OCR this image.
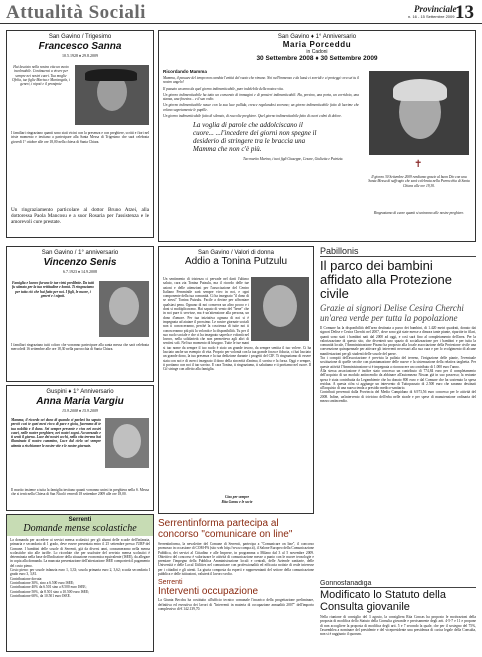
Attualità Sociali	Provinciale
n. 16 - 15 Settembre 2009 13
San Gavino / Trigesimo
Francesco Sanna
10.5.1928 ♦ 29.8.2009
Hai lasciato nella nostra vita un vuoto incolmabile. Continuerai a vivere per sempre nei nostri cuori. Tua moglie Ofelia, tue figlie Marisa e Mariangela, i generi, i nipoti e il pronipote
I familiari ringraziano quanti sono stati vicini con la presenza e con preghiere, scritti e fiori nel triste momento e invitano a partecipare alla Santa Messa di Trigesimo che sarà celebrata giovedì 1° ottobre alle ore 18,00 nella chiesa di Santa Chiara.
Un ringraziamento particolare al dottor Bruno Atzei, alla dottoressa Paola Mancosu e a suor Rosaria per l'assistenza e le amorevoli cure prestate.
San Gavino ♦ 1° Anniversario
Maria Porceddu
in Cadoni
30 Settembre 2008 ♦ 30 Settembre 2009
Ricordando Mamma
Mamma, il passare del tempo non cambia l'entità del vuoto che rimane. Noi nell'immenso e da lassù ci sorridi e ci proteggi: ora sei tu il nostro angelo!
Il passato un anno da quel giorno indimenticabile, pure indelebile della nostra vita.
Un giorno indimenticabile ha tutto un consorzio di immagini e di pensieri indimenticabili. Ha, persino, una porta, un corridoio, una stanza, una finestra... e il suo volto.
Un giorno indimenticabile nasce con la sua luce pallida, cresce regalandosi sovrano; un giorno indimenticabile fatto di lacrime che velano segretamente le pupille.
Un giorno indimenticabile fatto di silenzio, di raccolte preghiere. Quel giorno indimenticabile fatto di cuori colmi di dolore.
La voglia di parole che addolciscano il cuore... ...l'incedere dei giorni non spegne il desiderio di stringere tra le braccia una Mamma che non c'è più.
Tuo marito Marino, i tuoi figli Giuseppe, Cesare, Giulietta e Patrizia.	✝
Il giorno 30 Settembre 2009 rendiamo grazie al buon Dio con una Santa Messa di suffragio che sarà celebrata nella Parrocchia di Santa Chiara alle ore 19,30.
Ringraziamo di cuore quanti si uniranno alle nostre preghiere.
San Gavino / 1° anniversario
Vincenzo Senis
6.7.1923 ♦ 14.9.2008
Famiglia e lavoro furono le tue virtù predilette. Da tutti fu stimato per la tua rettitudine e bontà. Ti ringraziamo per tutto ciò che hai fatto per noi. I figli, le nuore, i generi e i nipoti.
I familiari ringraziano tutti coloro che vorranno partecipare alla santa messa che sarà celebrata mercoledì 16 settembre alle ore 18,30 nella parrocchia di Santa Chiara.
Guspini ♦ 1° Anniversario
Anna Maria Vargiu
15.9.2008 ♦ 15.9.2009
Mamma, il ricordo sei dono di quando ci parlavi ha saputo perciò così te quei mesi ricco di pace e gioia, facemmo di te tua nobiltà e il dono. Sei sempre presente e viva nei nostri cuori, nelle nostre preghiere, nei nostri sogni. Accarezzalo e ti senti il giorno. Luce dei nostri occhi, nella vita terrena hai illuminato il nostro cammino, Luce dal cielo sei sempre attenta a rischiarare le nostre vite e le nostre giornate.
Il marito insieme a tutta la famiglia invitano quanti vorranno unirsi in preghiera nella S. Messa che si terrà nella Chiesa di San Nicolò venerdì 18 settembre 2009 alle ore 18,00.
Serrenti
Domande mense scolastiche
La domanda per accedere ai servizi mensa scolastici per gli alunni delle scuole dell'infanzia, primaria e secondaria di 1 grado, deve essere presentata entro il 25 settembre presso l'URP del Comune. I bambini delle scuole di Serrenti, già da diversi anni, consumeranno nella mensa scolastiche sito alle tariffe. Lo ricordate che per usufruire del servizio mensa scolastici è determinata nella base dell'indicatore della situazione economica equivalente (ISEE), da allegare in copia alla domanda. La mancata presentazione dell'attestazione ISEE comporterà il pagamento del costo pieno.
Costo pieno: per scuole infanzia euro 1, 3,33; scuola primaria euro 2, 3,62; scuola secondaria I grado euro 3, 3,81.
Contribuzione dovuta:
Contribuzione 30%, sino a 6.500 euro ISEE;
Contribuzione 40% da 6.501 sino a 8.500 euro ISEE;
Contribuzione 50%, da 8.501 sino a 10.500 euro ISEE;
Contribuzione 60%, da 10.501 euro ISEE.
San Gavino / Valori di donna
Addio a Tonina Putzulu
Un sentimento di tristezza ci pervade nel darti l'ultimo saluto, cara zia Tonina Putzulu, ma il ricordo delle tue azioni e delle attenzioni per l'associazione del Centro Italiano Femminile sarà sempre vivo in noi, e ogni componente della tua comunità. Ci ha insegnato "il dono di se stessi" Tonina Putzulu. Facile a decine per affrontare qualsiasi pena. Ognuno di noi conserva un altro pocoo e i doni si moltiplicavano. Hai saputo di vento del "bene" che in noi pure ti servisse, ma è un'attenzione alla persona, un dono d'amore. Per tua iniziativa ognuna di noi si è impegnata ad aiutare il prossimo. Le nostre giornate sociali non ti conosceranno, perché la coscienza di tutte noi ti conosceranno più più la volontà e la disponibilità. Tu per il suo ruolo sociale e che ci ha insegnato saperla e volontà nel lavoro, nella solidarietà che non permetteva agli altri di sentirsi soli. Nel tuo momento di bisogno. Tutte le tue mani si tuo nome da sempre il tuo ruolo è stato un grande tesoro, da sempre sentita il tuo volere. Ci ha lasciato anche un esempio di vita. Proprio per volontà con la tua grande forza e fiducia, ci hai lasciato un grande dono, la tua presenza e la tua dedizione durante i progetti del CIF. Ti ringraziamo di essere stata con noi e di averci insegnato il dono della sincerità d'animo, il sorriso e la forza. Oggi e sempre, ti portiamo con noi il tuo sorriso. E cara Tonina, ti ringraziamo, ti salutiamo e ti portiamo nel cuore. Il Cif stringe con affetto alla famiglia.
Ciao per sempre
Rita Garau e le socie
Pabillonis
Il parco dei bambini affidato alla Protezione civile
Grazie ai signori Delise Cesira Cherchi un'area verde per tutta la popolazione
Il Comune ha la disponibilità dell'area destinata a parco dei bambini, di 1.420 metri quadrati, donato dai signori Delise e Cesira Cherchi nel 2007, dove sono già state messe a dimora tante piante, ripartite in filari, quanti sono stati i bambini nati dal 2000 ad oggi, e così sarà fino al completamento dell'area. Per la valorizzazione di questo sito, che diventerà uno spazio di socializzazione per i bambini e per tutta la comunità locale, l'Amministrazione Pisano ha proposto alla locale associazione della Protezione civile una convenzione quinquennale per attivare gli interventi necessari alla sua cura e per lo svolgimento di alcune manifestazioni per gli studenti delle scuole del paese.
Tra i compiti dell'associazione è prevista la pulizia del terreno, l'irrigazione delle piante, l'eventuale sostituzione di quelle secche con piantumazione delle nuove e la sistemazione della relativa targhetta. Per queste attività l'Amministrazione si è impegnata a riconoscere un contributo di 1.000 euro l'anno.
Alla stessa associazione è inoltre stato concesso un contributo di 774,84 euro per il completamento dell'acquisto di un modulo antincendio da abbinare all'automezzo Nissan già in suo possesso; la restante spesa è stata contribuita da Legambiente che ha donato 800 euro e dal Comune che ha sostenuto la spesa residua. A questa cifra si aggiunge un intervento di Tuttopassato di 2.500 euro che saranno destinati all'acquisto di una nuova tenda a presidio medico-sanitario.
Contributi pervenuti dalla Provincia del Medio Campidano di 6.973,56 euro concesso per le attività del 2008. Infine, un'intervento di trivicino dell'erba nelle strade e per spese di manutenzione ordinaria del mezzo antincendio.
Serrentinforma partecipa al concorso "comunicare on line"
Serrentinforma, la newsletter del Comune di Serrenti, partecipa a "Comunicare on line", il concorso promosso in occasione di COM-PA (sito web http://www.compa.it), il Salone Europeo della Comunicazione Pubblica, dei servizi al Cittadino e alle Imprese, in programma a Milano dal 3 al 5 novembre 2009. Obiettivo del concorso è valorizzare le attività di comunicazione messe a punto con le nuove tecnologie e premiare l'impegno della Pubblica Amministrazione locali e centrali, delle Aziende sanitarie, delle Università e delle Local Utilities nel comunicare con professionalità ed efficacia notizie di reale interesse per i cittadini e gli utenti. La giuria composta da esperti e rappresentanti del settore della comunicazione pubblica e delle istituzioni, valuterà il lavoro svolto.
Serrenti
Interventi occupazione
La Giunta Becchu ha costituito all'ufficio tecnico comunale l'incarico della progettazione preliminare, definitiva ed esecutiva dei lavori di "Interventi in materia di occupazione annualità 2007" dell'importo complessivo di € 142.139,70.
Gonnosfanadiga
Modificato lo Statuto della Consulta giovanile
Nella riunione di consiglio del 3 agosto, la consigliera Rita Concas ha proposto le motivazioni della proposta di modifica dello Statuto della Consulta giovanile e precisamente degli artt. 4-5-7 e 11 e propone di non accogliere la proposta di modifica degli artt. 5 e 7 secondo la quale, che per il sostegno del 75%, l'assemblea a nominare del presidente e del vicepresidente una presidenza di carica legale della Consulta, non si è raggiunto il quorum.
